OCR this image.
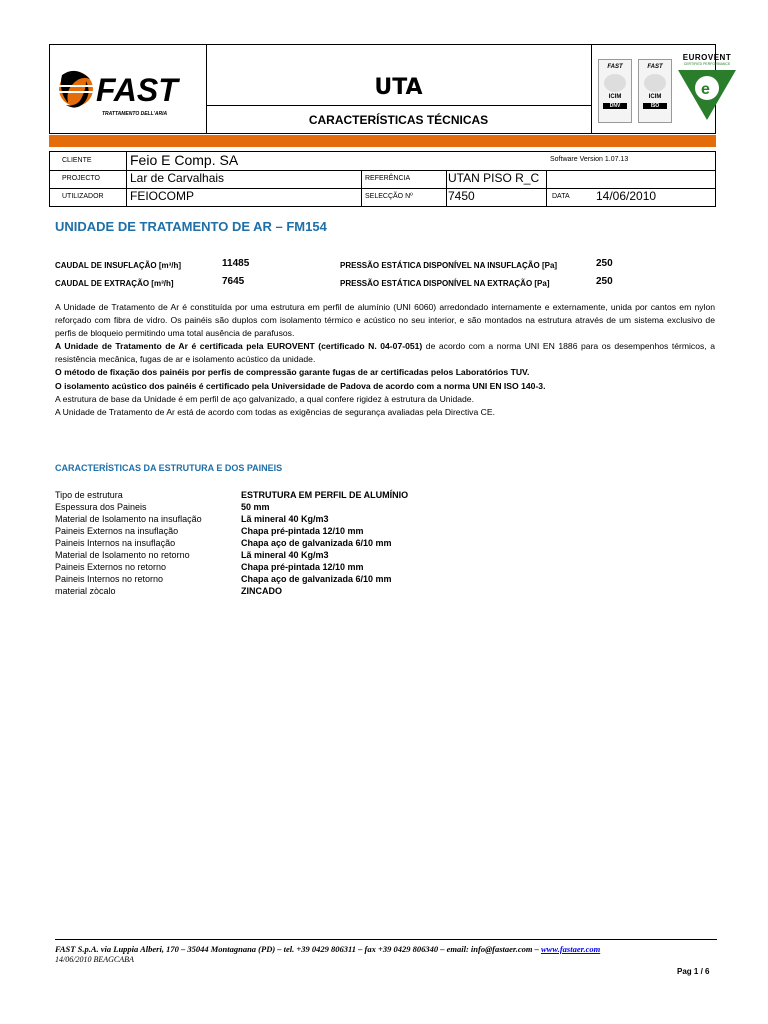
FAST
TRATTAMENTO DELL'ARIA
UTA
CARACTERÍSTICAS TÉCNICAS
FAST
ICIM
DNV
FAST
ICIM
ISO
EUROVENT
CERTIFIED PERFORMANCE
e
CLIENTE	Feio E Comp. SA	Software Version 1.07.13
PROJECTO	Lar de Carvalhais	REFERÊNCIA	UTAN PISO R_C
UTILIZADOR FEIOCOMP	SELECÇÃO Nº	7450	DATA 14/06/2010
UNIDADE DE TRATAMENTO DE AR – FM154
CAUDAL DE INSUFLAÇÃO [m³/h]	11485	PRESSÃO ESTÁTICA DISPONÍVEL NA INSUFLAÇÃO [Pa]	250
CAUDAL DE EXTRAÇÃO [m³/h]	7645	PRESSÃO ESTÁTICA DISPONÍVEL NA EXTRAÇÃO [Pa]	250

A Unidade de Tratamento de Ar é constituída por uma estrutura em perfil de alumínio (UNI 6060) arredondado internamente e externamente, unida por cantos em nylon reforçado com fibra de vidro. Os painéis são duplos com isolamento térmico e acústico no seu interior, e são montados na estrutura através de um sistema exclusivo de perfis de bloqueio permitindo uma total ausência de parafusos.

A Unidade de Tratamento de Ar é certificada pela EUROVENT (certificado N. 04-07-051) de acordo com a norma UNI EN 1886 para os desempenhos térmicos, a resistência mecânica, fugas de ar e isolamento acústico da unidade.

O método de fixação dos painéis por perfis de compressão garante fugas de ar certificadas pelos Laboratórios TUV.

O isolamento acústico dos painéis é certificado pela Universidade de Padova de acordo com a norma UNI EN ISO 140-3.

A estrutura de base da Unidade é em perfil de aço galvanizado, a qual confere rigidez à estrutura da Unidade.

A Unidade de Tratamento de Ar está de acordo com todas as exigências de segurança avaliadas pela Directiva CE.

CARACTERÍSTICAS DA ESTRUTURA E DOS PAINEIS
Tipo de estrutura	ESTRUTURA EM PERFIL DE ALUMÍNIO
Espessura dos Paineis	50 mm
Material de Isolamento na insuflação	Lã mineral 40 Kg/m3
Paineis Externos na insuflação	Chapa pré-pintada 12/10 mm
Paineis Internos na insuflação	Chapa aço de galvanizada 6/10 mm
Material de Isolamento no retorno	Lã mineral 40 Kg/m3
Paineis Externos no retorno	Chapa pré-pintada 12/10 mm
Paineis Internos no retorno	Chapa aço de galvanizada 6/10 mm
material zòcalo	ZINCADO
FAST S.p.A. via Luppia Alberi, 170 – 35044 Montagnana (PD) – tel. +39 0429 806311 – fax +39 0429 806340 – email: info@fastaer.com – www.fastaer.com
14/06/2010 BEAGCABA
Pag 1 / 6
